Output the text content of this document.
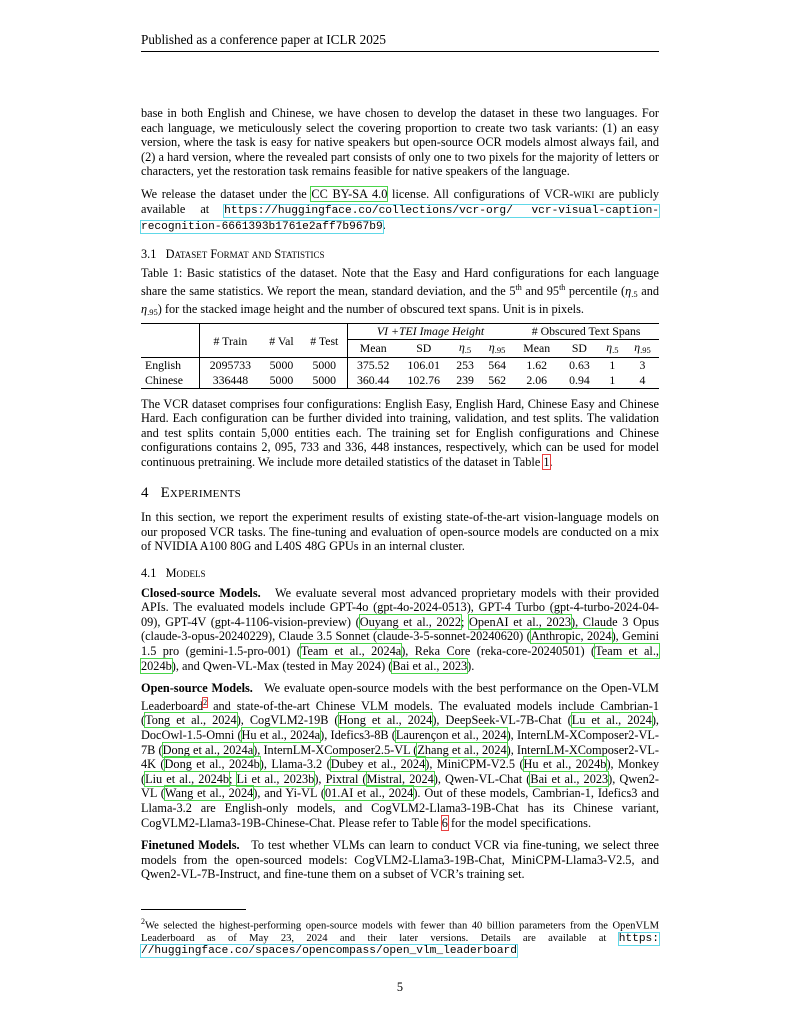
Published as a conference paper at ICLR 2025

base in both English and Chinese, we have chosen to develop the dataset in these two languages. For each language, we meticulously select the covering proportion to create two task variants: (1) an easy version, where the task is easy for native speakers but open-source OCR models almost always fail, and (2) a hard version, where the revealed part consists of only one to two pixels for the majority of letters or characters, yet the restoration task remains feasible for native speakers of the language.

We release the dataset under the CC BY-SA 4.0 license. All configurations of VCR-wiki are publicly available at https://huggingface.co/collections/vcr-org/ vcr-visual-caption-recognition-6661393b1761e2aff7b967b9.

3.1 Dataset Format and Statistics

Table 1: Basic statistics of the dataset. Note that the Easy and Hard configurations for each language share the same statistics. We report the mean, standard deviation, and the 5th and 95th percentile ($\eta_{.5}$ and $\eta_{.95}$) for the stacked image height and the number of obscured text spans. Unit is in pixels.

	# Train	# Val	# Test	VI +TEI Image Height				# Obscured Text Spans			
				Mean	SD	$\eta_{.5}$	$\eta_{.95}$	Mean	SD	$\eta_{.5}$	$\eta_{.95}$
English	2095733	5000	5000	375.52	106.01	253	564	1.62	0.63	1	3
Chinese	336448	5000	5000	360.44	102.76	239	562	2.06	0.94	1	4

The VCR dataset comprises four configurations: English Easy, English Hard, Chinese Easy and Chinese Hard. Each configuration can be further divided into training, validation, and test splits. The validation and test splits contain 5,000 entities each. The training set for English configurations and Chinese configurations contains 2, 095, 733 and 336, 448 instances, respectively, which can be used for model continuous pretraining. We include more detailed statistics of the dataset in Table 1.

4 Experiments

In this section, we report the experiment results of existing state-of-the-art vision-language models on our proposed VCR tasks. The fine-tuning and evaluation of open-source models are conducted on a mix of NVIDIA A100 80G and L40S 48G GPUs in an internal cluster.

4.1 Models

Closed-source Models. We evaluate several most advanced proprietary models with their provided APIs. The evaluated models include GPT-4o (gpt-4o-2024-0513), GPT-4 Turbo (gpt-4-turbo-2024-04-09), GPT-4V (gpt-4-1106-vision-preview) (Ouyang et al., 2022; OpenAI et al., 2023), Claude 3 Opus (claude-3-opus-20240229), Claude 3.5 Sonnet (claude-3-5-sonnet-20240620) (Anthropic, 2024), Gemini 1.5 pro (gemini-1.5-pro-001) (Team et al., 2024a), Reka Core (reka-core-20240501) (Team et al., 2024b), and Qwen-VL-Max (tested in May 2024) (Bai et al., 2023).

Open-source Models. We evaluate open-source models with the best performance on the Open-VLM Leaderboard$^2$ and state-of-the-art Chinese VLM models. The evaluated models include Cambrian-1 (Tong et al., 2024), CogVLM2-19B (Hong et al., 2024), DeepSeek-VL-7B-Chat (Lu et al., 2024), DocOwl-1.5-Omni (Hu et al., 2024a), Idefics3-8B (Laurençon et al., 2024), InternLM-XComposer2-VL-7B (Dong et al., 2024a), InternLM-XComposer2.5-VL (Zhang et al., 2024), InternLM-XComposer2-VL-4K (Dong et al., 2024b), Llama-3.2 (Dubey et al., 2024), MiniCPM-V2.5 (Hu et al., 2024b), Monkey (Liu et al., 2024b; Li et al., 2023b), Pixtral (Mistral, 2024), Qwen-VL-Chat (Bai et al., 2023), Qwen2-VL (Wang et al., 2024), and Yi-VL (01.AI et al., 2024). Out of these models, Cambrian-1, Idefics3 and Llama-3.2 are English-only models, and CogVLM2-Llama3-19B-Chat has its Chinese variant, CogVLM2-Llama3-19B-Chinese-Chat. Please refer to Table 6 for the model specifications.

Finetuned Models. To test whether VLMs can learn to conduct VCR via fine-tuning, we select three models from the open-sourced models: CogVLM2-Llama3-19B-Chat, MiniCPM-Llama3-V2.5, and Qwen2-VL-7B-Instruct, and fine-tune them on a subset of VCR’s training set.

$^2$We selected the highest-performing open-source models with fewer than 40 billion parameters from the OpenVLM Leaderboard as of May 23, 2024 and their later versions. Details are available at https: //huggingface.co/spaces/opencompass/open_vlm_leaderboard
5
